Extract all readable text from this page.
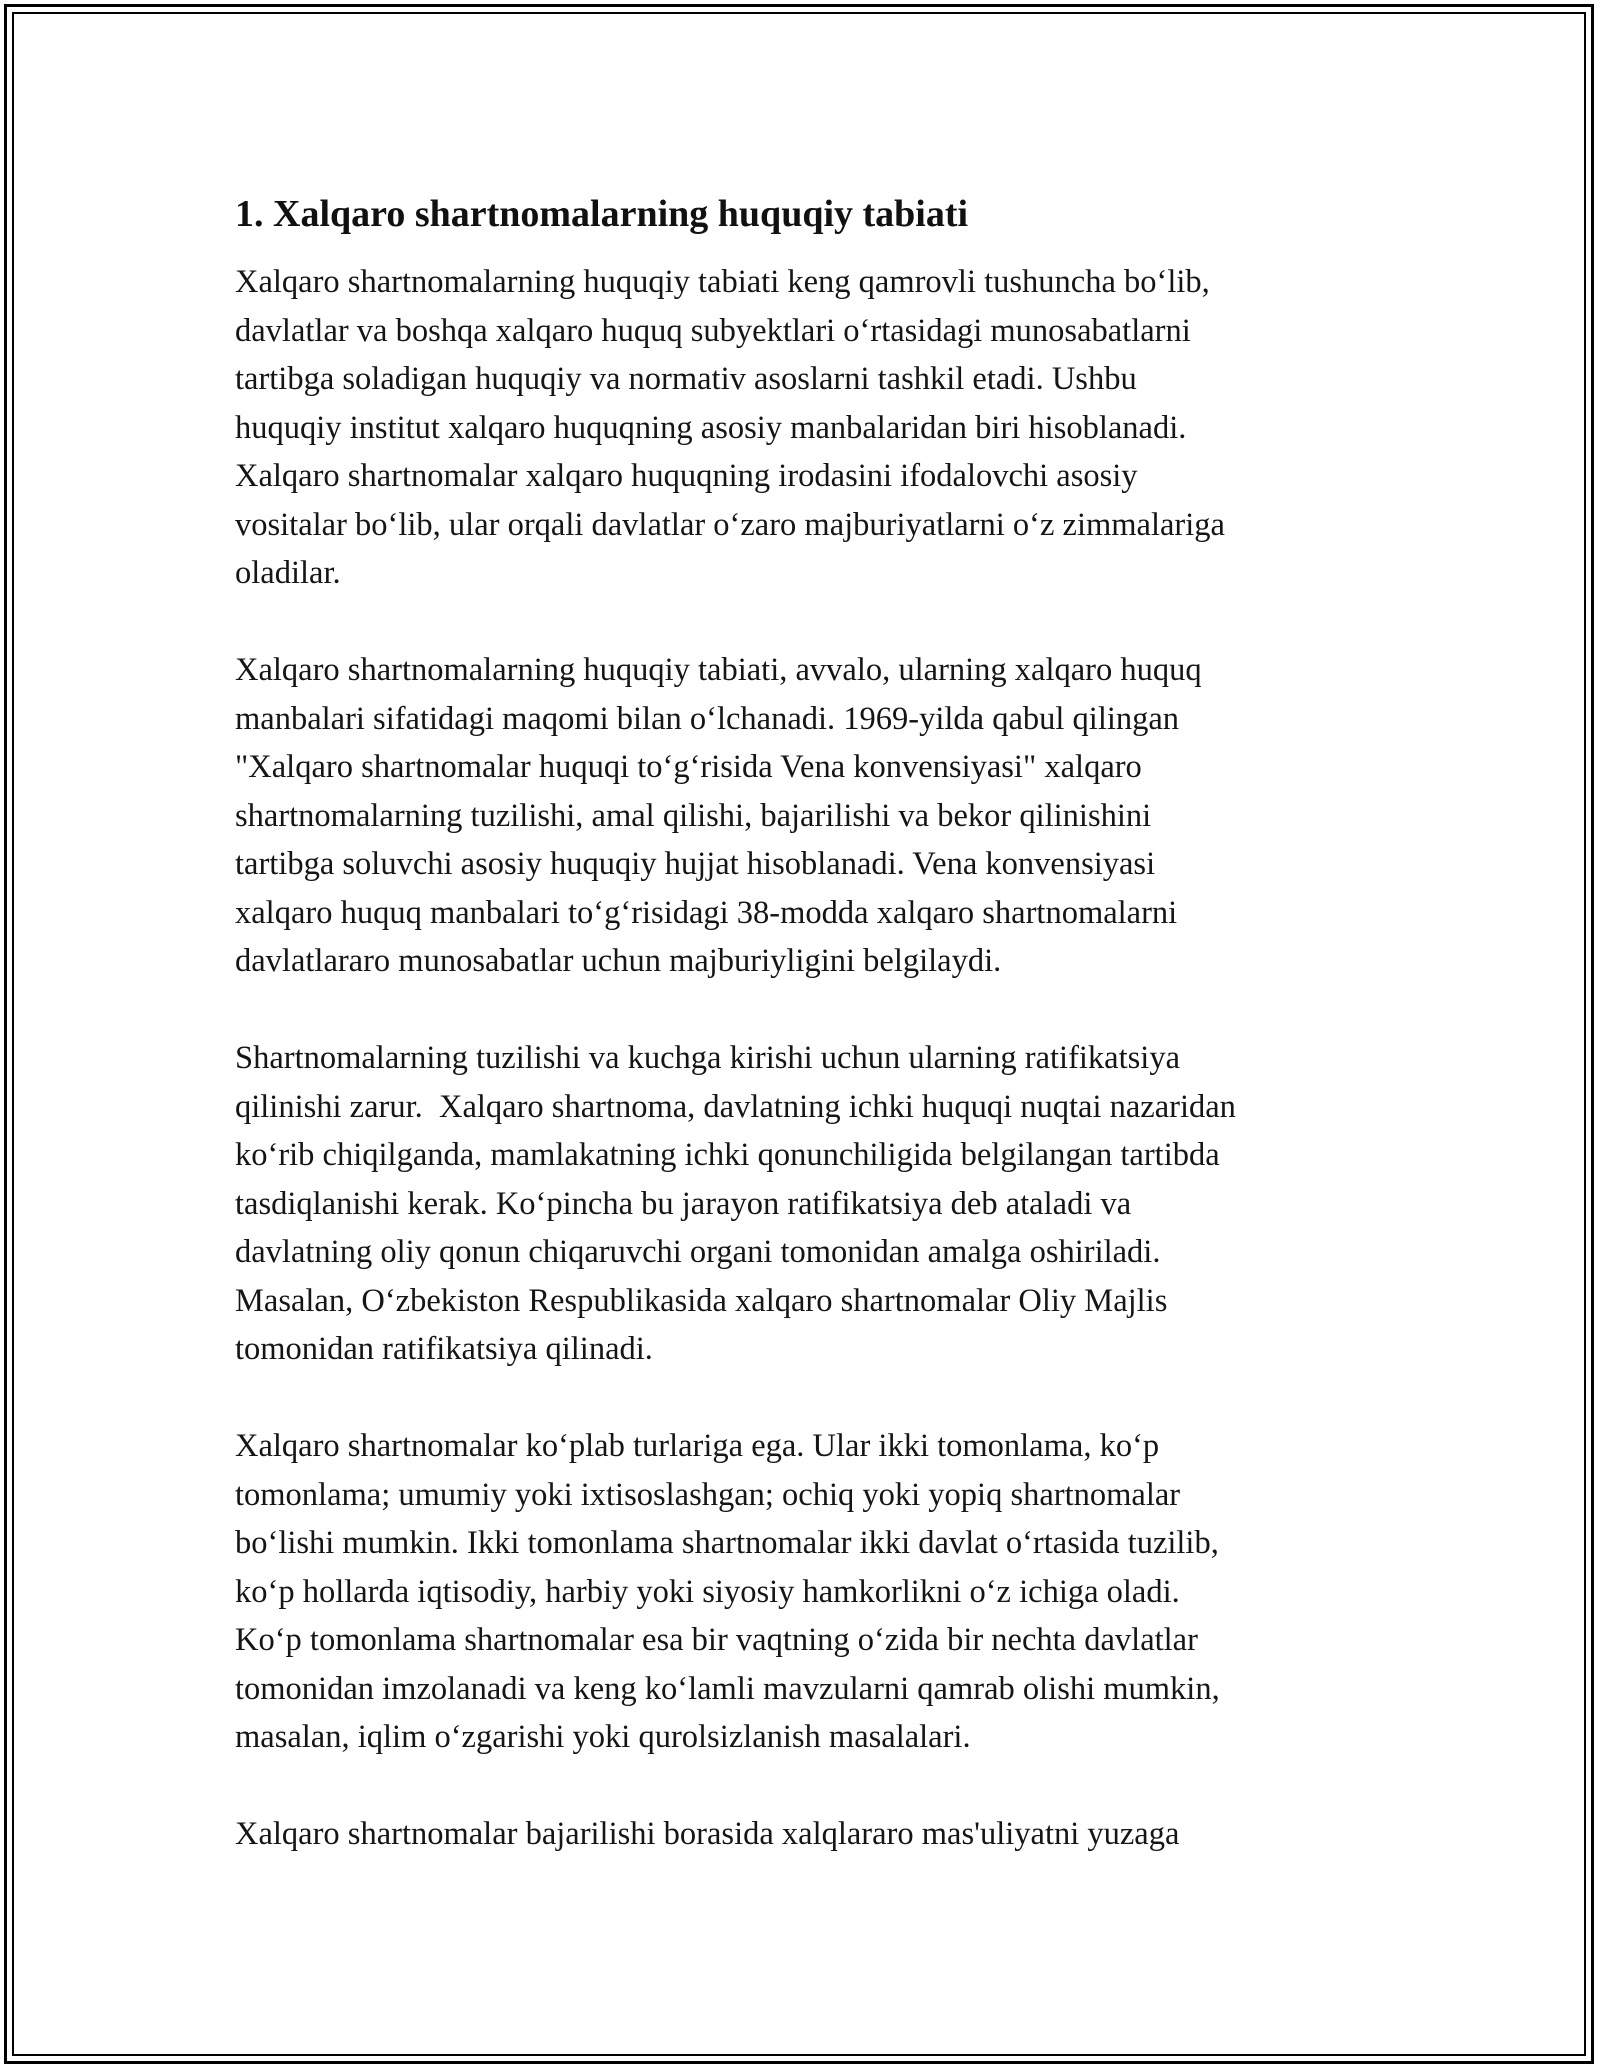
1. Xalqaro shartnomalarning huquqiy tabiati

Xalqaro shartnomalarning huquqiy tabiati keng qamrovli tushuncha bo‘lib,
davlatlar va boshqa xalqaro huquq subyektlari o‘rtasidagi munosabatlarni
tartibga soladigan huquqiy va normativ asoslarni tashkil etadi. Ushbu
huquqiy institut xalqaro huquqning asosiy manbalaridan biri hisoblanadi.
Xalqaro shartnomalar xalqaro huquqning irodasini ifodalovchi asosiy
vositalar bo‘lib, ular orqali davlatlar o‘zaro majburiyatlarni o‘z zimmalariga
oladilar.

Xalqaro shartnomalarning huquqiy tabiati, avvalo, ularning xalqaro huquq
manbalari sifatidagi maqomi bilan o‘lchanadi. 1969-yilda qabul qilingan
"Xalqaro shartnomalar huquqi to‘g‘risida Vena konvensiyasi" xalqaro
shartnomalarning tuzilishi, amal qilishi, bajarilishi va bekor qilinishini
tartibga soluvchi asosiy huquqiy hujjat hisoblanadi. Vena konvensiyasi
xalqaro huquq manbalari to‘g‘risidagi 38-modda xalqaro shartnomalarni
davlatlararo munosabatlar uchun majburiyligini belgilaydi.

Shartnomalarning tuzilishi va kuchga kirishi uchun ularning ratifikatsiya
qilinishi zarur.  Xalqaro shartnoma, davlatning ichki huquqi nuqtai nazaridan
ko‘rib chiqilganda, mamlakatning ichki qonunchiligida belgilangan tartibda
tasdiqlanishi kerak. Ko‘pincha bu jarayon ratifikatsiya deb ataladi va
davlatning oliy qonun chiqaruvchi organi tomonidan amalga oshiriladi.
Masalan, O‘zbekiston Respublikasida xalqaro shartnomalar Oliy Majlis
tomonidan ratifikatsiya qilinadi.

Xalqaro shartnomalar ko‘plab turlariga ega. Ular ikki tomonlama, ko‘p
tomonlama; umumiy yoki ixtisoslashgan; ochiq yoki yopiq shartnomalar
bo‘lishi mumkin. Ikki tomonlama shartnomalar ikki davlat o‘rtasida tuzilib,
ko‘p hollarda iqtisodiy, harbiy yoki siyosiy hamkorlikni o‘z ichiga oladi.
Ko‘p tomonlama shartnomalar esa bir vaqtning o‘zida bir nechta davlatlar
tomonidan imzolanadi va keng ko‘lamli mavzularni qamrab olishi mumkin,
masalan, iqlim o‘zgarishi yoki qurolsizlanish masalalari.

Xalqaro shartnomalar bajarilishi borasida xalqlararo mas'uliyatni yuzaga
